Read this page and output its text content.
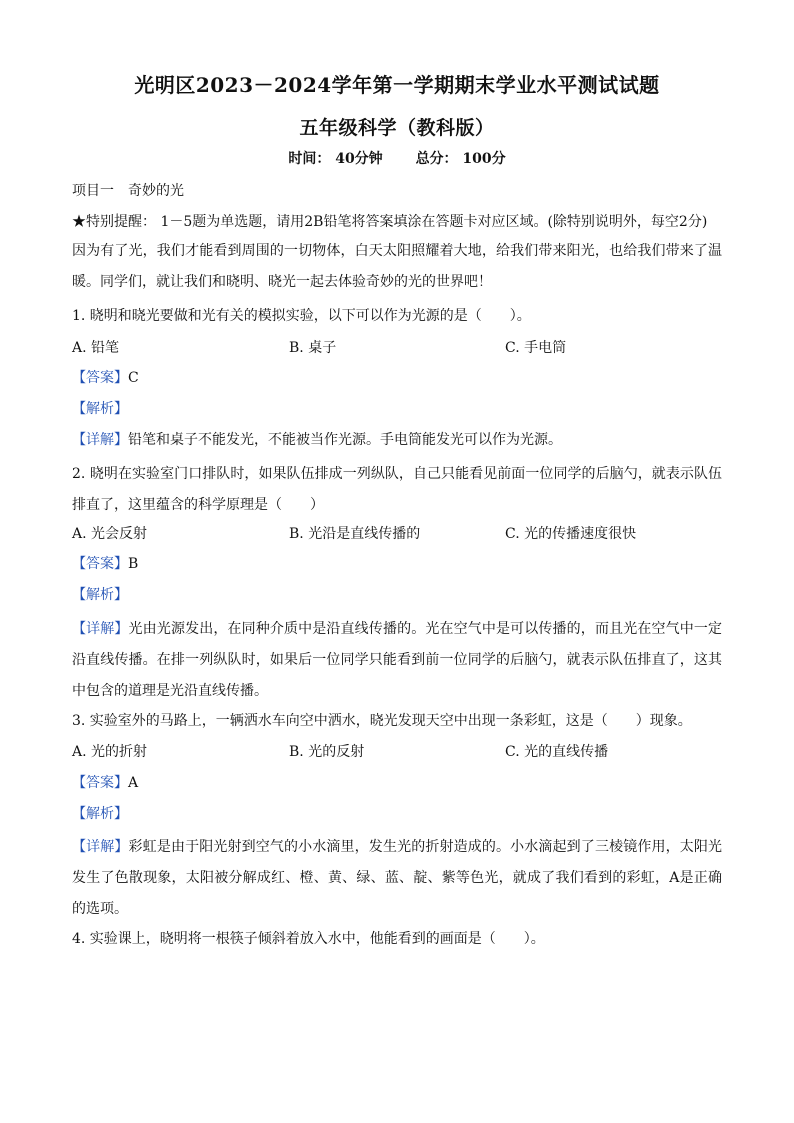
光明区2023－2024学年第一学期期末学业水平测试试题
五年级科学（教科版）
时间： 40分钟 总分： 100分
项目一　奇妙的光
★特别提醒： 1－5题为单选题，请用2B铅笔将答案填涂在答题卡对应区域。(除特别说明外，每空2分)
因为有了光，我们才能看到周围的一切物体，白天太阳照耀着大地，给我们带来阳光，也给我们带来了温暖。同学们，就让我们和晓明、晓光一起去体验奇妙的光的世界吧！
1. 晓明和晓光要做和光有关的模拟实验，以下可以作为光源的是（　　）。
A. 铅笔	B. 桌子	C. 手电筒
【答案】C
【解析】
【详解】铅笔和桌子不能发光，不能被当作光源。手电筒能发光可以作为光源。
2. 晓明在实验室门口排队时，如果队伍排成一列纵队，自己只能看见前面一位同学的后脑勺，就表示队伍排直了，这里蕴含的科学原理是（　　）
A. 光会反射	B. 光沿是直线传播的	C. 光的传播速度很快
【答案】B
【解析】
【详解】光由光源发出，在同种介质中是沿直线传播的。光在空气中是可以传播的，而且光在空气中一定沿直线传播。在排一列纵队时，如果后一位同学只能看到前一位同学的后脑勺，就表示队伍排直了，这其中包含的道理是光沿直线传播。
3. 实验室外的马路上，一辆洒水车向空中洒水，晓光发现天空中出现一条彩虹，这是（　　）现象。
A. 光的折射	B. 光的反射	C. 光的直线传播
【答案】A
【解析】
【详解】彩虹是由于阳光射到空气的小水滴里，发生光的折射造成的。小水滴起到了三棱镜作用，太阳光发生了色散现象，太阳被分解成红、橙、黄、绿、蓝、靛、紫等色光，就成了我们看到的彩虹，A是正确的选项。
4. 实验课上，晓明将一根筷子倾斜着放入水中，他能看到的画面是（　　）。
